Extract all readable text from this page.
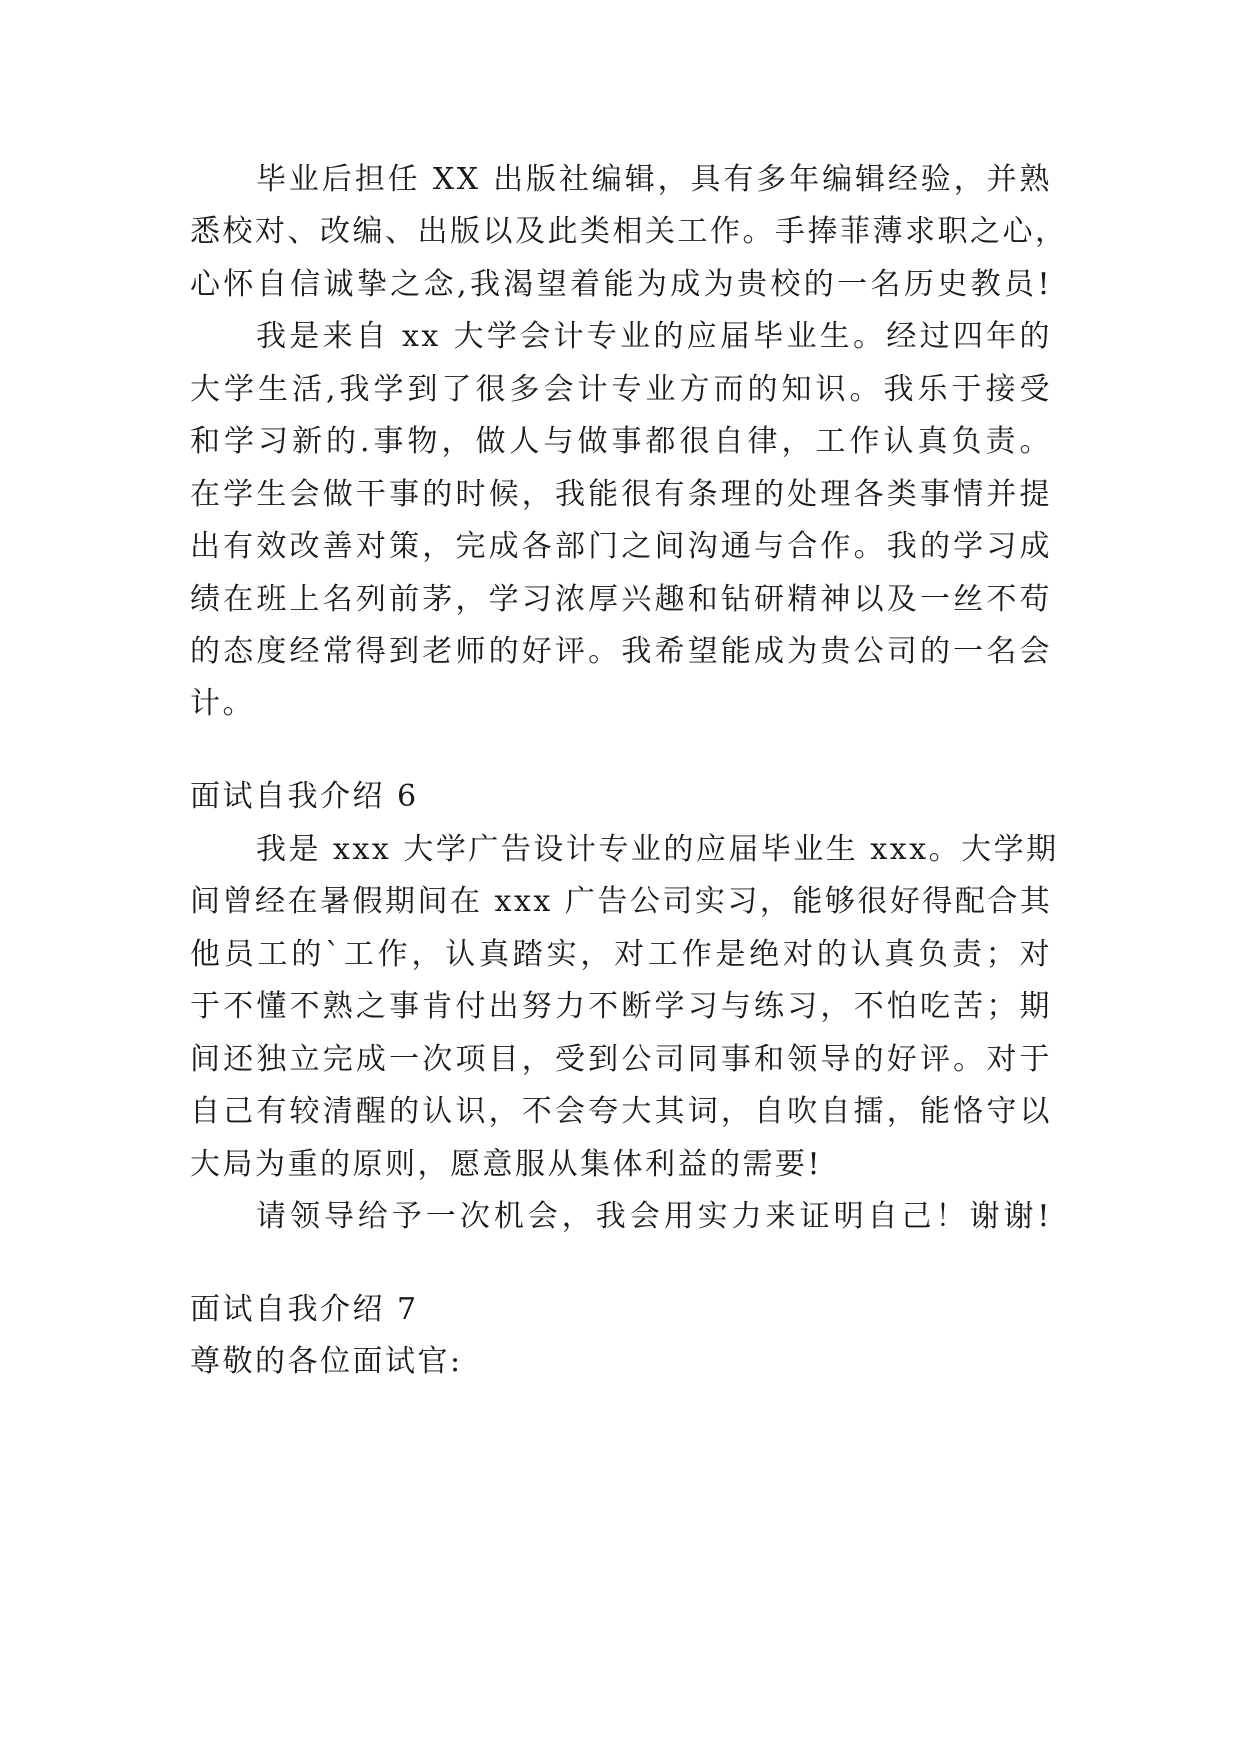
毕业后担任 XX 出版社编辑，具有多年编辑经验，并熟
悉校对、改编、出版以及此类相关工作。手捧菲薄求职之心，
心怀自信诚挚之念,我渴望着能为成为贵校的一名历史教员!
我是来自 xx 大学会计专业的应届毕业生。经过四年的
大学生活,我学到了很多会计专业方而的知识。我乐于接受
和学习新的.事物，做人与做事都很自律，工作认真负责。
在学生会做干事的时候，我能很有条理的处理各类事情并提
出有效改善对策，完成各部门之间沟通与合作。我的学习成
绩在班上名列前茅，学习浓厚兴趣和钻研精神以及一丝不苟
的态度经常得到老师的好评。我希望能成为贵公司的一名会
计。
面试自我介绍 6
我是 xxx 大学广告设计专业的应届毕业生 xxx。大学期
间曾经在暑假期间在 xxx 广告公司实习，能够很好得配合其
他员工的`工作，认真踏实，对工作是绝对的认真负责；对
于不懂不熟之事肯付出努力不断学习与练习，不怕吃苦；期
间还独立完成一次项目，受到公司同事和领导的好评。对于
自己有较清醒的认识，不会夸大其词，自吹自擂，能恪守以
大局为重的原则，愿意服从集体利益的需要!
请领导给予一次机会，我会用实力来证明自己！谢谢!
面试自我介绍 7
尊敬的各位面试官:
